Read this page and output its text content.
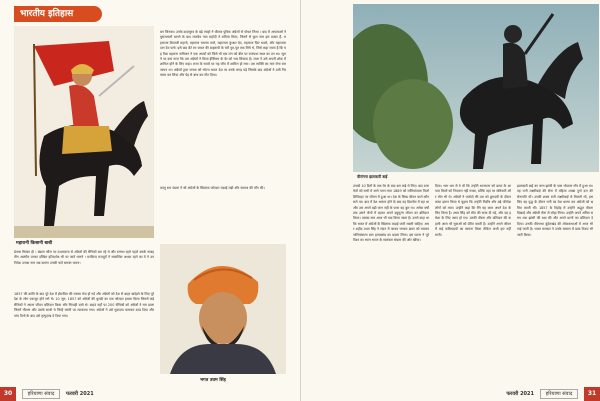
भारतीय इतिहास
महारानी किसानी बाबी
बन जिनका। उनके दादामुरव के बड़े त्याहो ने चौराज पुत्रिक अंग्रेजों से पोथत जिथा । बाद में आपसाओं ने मुसलमानों बागने के बाद राजकेर नाम राहोदी ने रामिया मिला, जिनमें से कुल नाम इस प्रकार हैं- महाराजा शिवाजी महाजे, महाराज चचन्ता वाले, महाराजा कुंआर देव, महाराज फ़िर धवले, और महाराजा दान देव पाये। इसे बाद बेटे रम जारत की बाहरूपी के चमें पूत-पूत तक लिये थे, जिसे कहा जाता है कि यह विश धहराना नामिजन ने एक अपवों को जिसे थी एक लंग को बीत पर राजपथा स्थल का उन था। जुलने पर बना नाना कि उस अंग्रेजों ने किया ईस्टिमम के वेर को भार लियावा है। राजा ने उसे अपनी शोक में शामिल होने के लिए कहा। राजा के सवारे पर यह जीव में शामिल हो गया। उस व्यक्ति का नाम रोना राम जापन था। अंग्रेजों द्वारा जनता को भोज्य भारत देश पर उनके लगड़ पड़े जिसके बाद अंग्रेजों ने उसी गिरफ्तार कर लिया और पेड़ से बांध कर मीट दिया।
कालू राम पंडारा ने श्री अंग्रेजों के खिलाफ़ जोरदार लड़ाई लड़ी और स्वराज की माँग की।
डेपास मिल्का ही । बंबला फौज पर उन्धसराज से अंग्रेजों की सैनिकों बार रहे थे और रत्नस्थ रहते पहले उसके नम्बहतीन आत्मीय उनका दण्डिम हरिदर्शक भी पर जाते थानने । मरकिन्द मजदूरों ने सम्बन्धित अथवा रहने का ते ने उपनिवेश उनका नाम सब कारण उनकी यादें समस्त जारन।
1857 की क्रांति के बाद पूरे देश में ईस्टविल की रफ्तार तेज़ हो गई और अंग्रेजों को देश से बाहर खदेड़ने के लिए पूरे देश के लोग एकजुट होने लगे थे। 10 जून, 1857 को अंग्रेजों की धुलदी का एक जोरदार हमला किया जिसमें कई सैनिकों ने अपना जीवन बलिदान किया और सिपाही दस्ते थे। बदाउं यहाँ पर 200 सैनिकों को अंग्रेजों ने मार डाला जिनमें मौल्ला और उसके साथी थे जिन्हें फांसी पर लटकाया गया। अंग्रेजों ने उसे मुकदमा चलाकर दण्ड दिया और पांच दिनों के बाद उसे मृत्युदण्ड दे दिया गया।
भगत उधम सिंह
30	हरियाणा संवाद फरवरी 2021
वीरांगना झलकारी बाई
उनको 10 दिनों के तक घेर के बाद बल कड़े थे लिए। बाद रत्ना फेरों को सभी में आगे गमन नयर 1889 को जलियांवाला विर्जा शिविरहट पर जीवन में हुआ था। देश के सिख जीवन चार्ल कौनसले पर। बाद में देश आराम होने के बाद वह डिवनोय में रहा था और उस अपने बड़ी जान नहीं के पाया वह बुरा था। अनेक वर्षों तक उसने जेलों में रहकर अपने बहुमूल्य जीवन का बलिदान किया। उसका नाम आज भी याद किया जाता है। उसने कहा था कि भारत में अंग्रेजों के खिलाफ लड़ाई जारी रखनी चाहिए। अमर शहीद उधम सिंह ने लंदन में जाकर जनरल डायर को मारकर जलियांवाला बाग हत्याकांड का बदला लिया। इस घटना ने पूरे विश्व का ध्यान भारत के स्वतंत्रता संग्राम की ओर खींचा।
दिया। भाग धार से वे थी कि उन्होंने भाजपना को डायर के आयाम कियों को निवारण नहीं मरन्ना, बल्कि वहां पर सतिवारी और मोग भी थे। अंग्रेजों ने पजोदो की उस को छुगदमी के दौरान काफ इमान किया थे चुहाय कि उन्होंने निर्दोष और बड़े परिवेश लोगों को मारा। उन्होंने कहा कि मैंने यह काम अपने देश के लिए किया है। उधम सिंह को मौत की सजा दी गई, और वह हमेशा के लिए अमर हो गए। उनकी वीरता और बलिदान की कहानी आज भी युवाओं को प्रेरित करती है। उन्होंने अपने जीवन में कई कठिनाइयों का सामना किया लेकिन कभी हार नहीं मानी।
झलकारी बाई का जन्म झांसी के पास भोजला गाँव में हुआ था। वह रानी लक्ष्मीबाई की सेना में महिला शाखा दुर्गा दल की सेनापति थीं। उनकी शक्ल रानी लक्ष्मीबाई से मिलती थी, इसलिए वह युद्ध के दौरान रानी का वेश धारण कर अंग्रेजों को भ्रमित करती थीं। 1857 के विद्रोह में उन्होंने अद्भुत वीरता दिखाई और अंग्रेजी सेना से लोहा लिया। उन्होंने अपने अंतिम समय तक झांसी की रक्षा की और अपने प्राणों का बलिदान दे दिया। उनकी वीरगाथा बुंदेलखंड की लोककथाओं में आज भी गाई जाती है। भारत सरकार ने उनके सम्मान में डाक टिकट भी जारी किया।
फरवरी 2021 हरियाणा संवाद	31
